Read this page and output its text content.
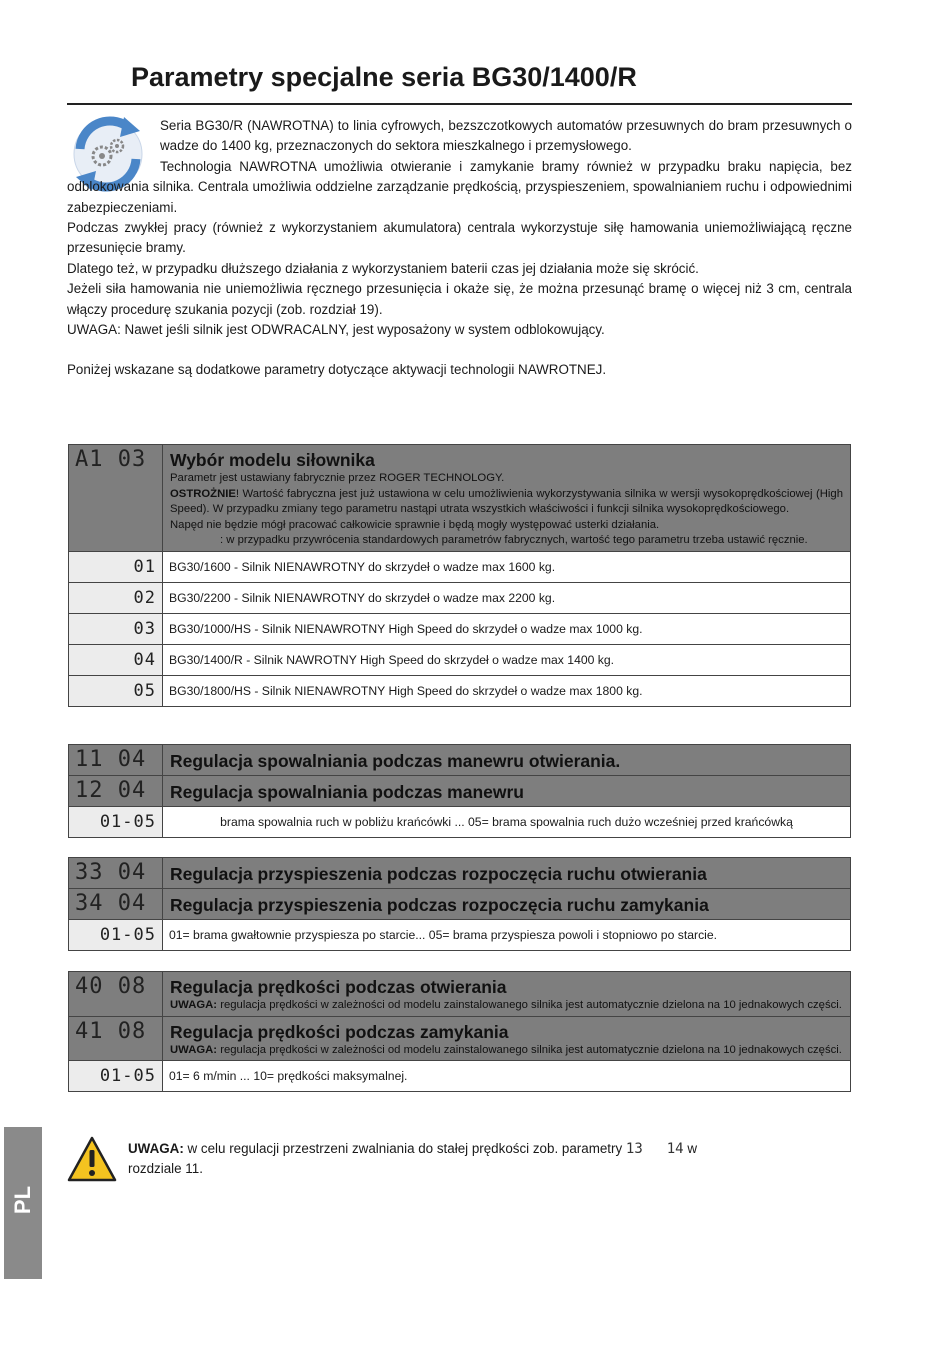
Parametry specjalne seria BG30/1400/R

Seria BG30/R (NAWROTNA) to linia cyfrowych, bezszczotkowych automatów przesuwnych do bram przesuwnych o wadze do 1400 kg, przeznaczonych do sektora mieszkalnego i przemysłowego.

Technologia NAWROTNA umożliwia otwieranie i zamykanie bramy również w przypadku braku napięcia, bez odblokowania silnika. Centrala umożliwia oddzielne zarządzanie prędkością, przyspieszeniem, spowalnianiem ruchu i odpowiednimi zabezpieczeniami.

Podczas zwykłej pracy (również z wykorzystaniem akumulatora) centrala wykorzystuje siłę hamowania uniemożliwiającą ręczne przesunięcie bramy.

Dlatego też, w przypadku dłuższego działania z wykorzystaniem baterii czas jej działania może się skrócić.

Jeżeli siła hamowania nie uniemożliwia ręcznego przesunięcia i okaże się, że można przesunąć bramę o więcej niż 3 cm, centrala włączy procedurę szukania pozycji (zob. rozdział 19).

UWAGA: Nawet jeśli silnik jest ODWRACALNY, jest wyposażony w system odblokowujący.

Poniżej wskazane są dodatkowe parametry dotyczące aktywacji technologii NAWROTNEJ.

A1 03	Wybór modelu siłownika
Parametr jest ustawiany fabrycznie przez ROGER TECHNOLOGY.
OSTROŻNIE! Wartość fabryczna jest już ustawiona w celu umożliwienia wykorzystywania silnika w wersji wysokoprędkościowej (High Speed). W przypadku zmiany tego parametru nastąpi utrata wszystkich właściwości i funkcji silnika wysokoprędkościowego.
Napęd nie będzie mógł pracować całkowicie sprawnie i będą mogły występować usterki działania.
: w przypadku przywrócenia standardowych parametrów fabrycznych, wartość tego parametru trzeba ustawić ręcznie.

01	BG30/1600 - Silnik NIENAWROTNY do skrzydeł o wadze max 1600 kg.
02	BG30/2200 - Silnik NIENAWROTNY do skrzydeł o wadze max 2200 kg.
03	BG30/1000/HS - Silnik NIENAWROTNY High Speed do skrzydeł o wadze max 1000 kg.
04	BG30/1400/R - Silnik NAWROTNY High Speed do skrzydeł o wadze max 1400 kg.
05	BG30/1800/HS - Silnik NIENAWROTNY High Speed do skrzydeł o wadze max 1800 kg.
11 04	Regulacja spowalniania podczas manewru otwierania.

12 04	Regulacja spowalniania podczas manewru

01-05	brama spowalnia ruch w pobliżu krańcówki ... 05= brama spowalnia ruch dużo wcześniej przed krańcówką
33 04	Regulacja przyspieszenia podczas rozpoczęcia ruchu otwierania

34 04	Regulacja przyspieszenia podczas rozpoczęcia ruchu zamykania

01-05	01= brama gwałtownie przyspiesza po starcie... 05= brama przyspiesza powoli i stopniowo po starcie.
40 08	Regulacja prędkości podczas otwierania
UWAGA: regulacja prędkości w zależności od modelu zainstalowanego silnika jest automatycznie dzielona na 10 jednakowych części.

41 08	Regulacja prędkości podczas zamykania
UWAGA: regulacja prędkości w zależności od modelu zainstalowanego silnika jest automatycznie dzielona na 10 jednakowych części.

01-05	01= 6 m/min ... 10= prędkości maksymalnej.
UWAGA: w celu regulacji przestrzeni zwalniania do stałej prędkości zob. parametry 13 14 w
rozdziale 11.
PL
